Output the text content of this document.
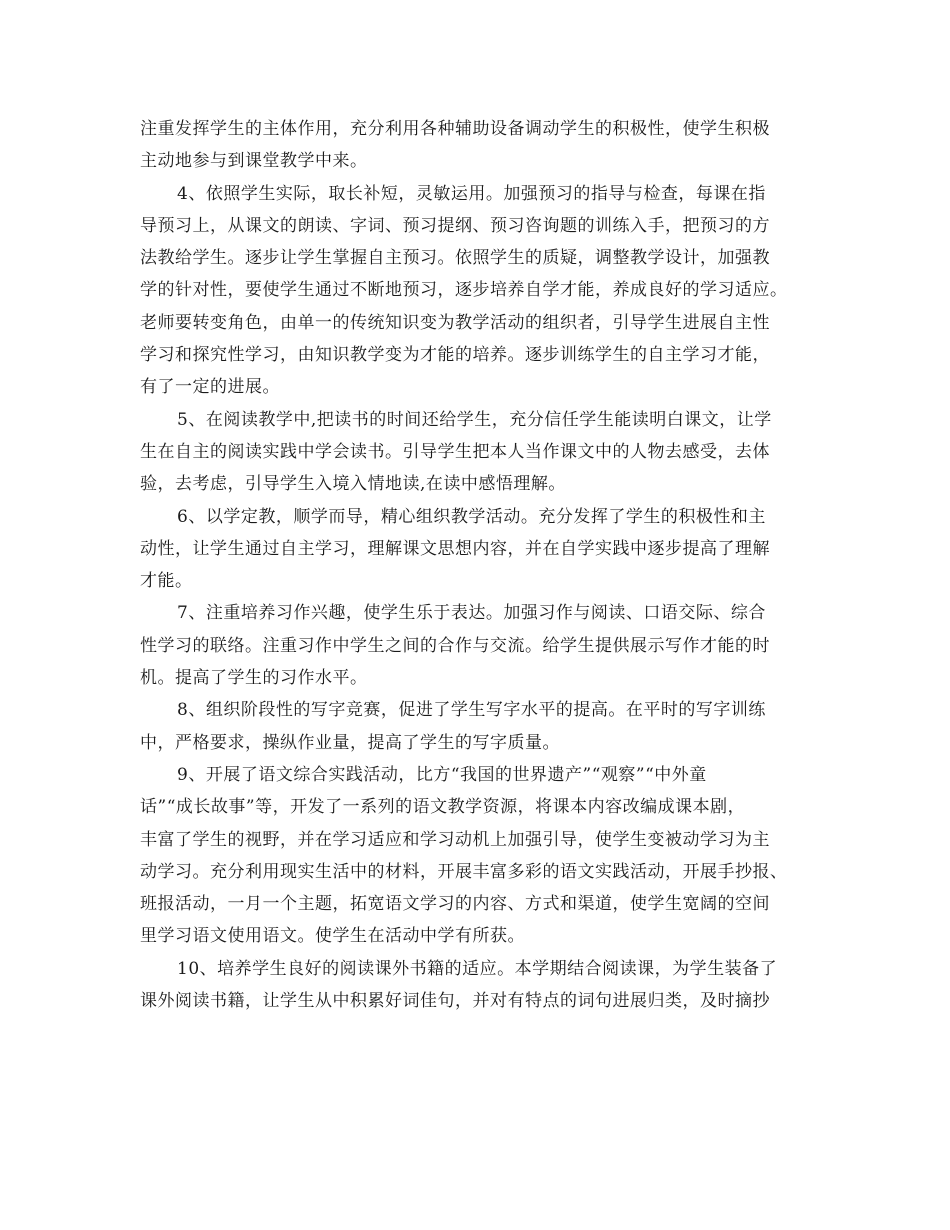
注重发挥学生的主体作用，充分利用各种辅助设备调动学生的积极性，使学生积极
主动地参与到课堂教学中来。
4、依照学生实际，取长补短，灵敏运用。加强预习的指导与检查，每课在指
导预习上，从课文的朗读、字词、预习提纲、预习咨询题的训练入手，把预习的方
法教给学生。逐步让学生掌握自主预习。依照学生的质疑，调整教学设计，加强教
学的针对性，要使学生通过不断地预习，逐步培养自学才能，养成良好的学习适应。
老师要转变角色，由单一的传统知识变为教学活动的组织者，引导学生进展自主性
学习和探究性学习，由知识教学变为才能的培养。逐步训练学生的自主学习才能，
有了一定的进展。
5、在阅读教学中,把读书的时间还给学生，充分信任学生能读明白课文，让学
生在自主的阅读实践中学会读书。引导学生把本人当作课文中的人物去感受，去体
验，去考虑，引导学生入境入情地读,在读中感悟理解。
6、以学定教，顺学而导，精心组织教学活动。充分发挥了学生的积极性和主
动性，让学生通过自主学习，理解课文思想内容，并在自学实践中逐步提高了理解
才能。
7、注重培养习作兴趣，使学生乐于表达。加强习作与阅读、口语交际、综合
性学习的联络。注重习作中学生之间的合作与交流。给学生提供展示写作才能的时
机。提高了学生的习作水平。
8、组织阶段性的写字竞赛，促进了学生写字水平的提高。在平时的写字训练
中，严格要求，操纵作业量，提高了学生的写字质量。
9、开展了语文综合实践活动，比方“我国的世界遗产”“观察”“中外童
话”“成长故事”等，开发了一系列的语文教学资源，将课本内容改编成课本剧，
丰富了学生的视野，并在学习适应和学习动机上加强引导，使学生变被动学习为主
动学习。充分利用现实生活中的材料，开展丰富多彩的语文实践活动，开展手抄报、
班报活动，一月一个主题，拓宽语文学习的内容、方式和渠道，使学生宽阔的空间
里学习语文使用语文。使学生在活动中学有所获。
10、培养学生良好的阅读课外书籍的适应。本学期结合阅读课，为学生装备了
课外阅读书籍，让学生从中积累好词佳句，并对有特点的词句进展归类，及时摘抄
